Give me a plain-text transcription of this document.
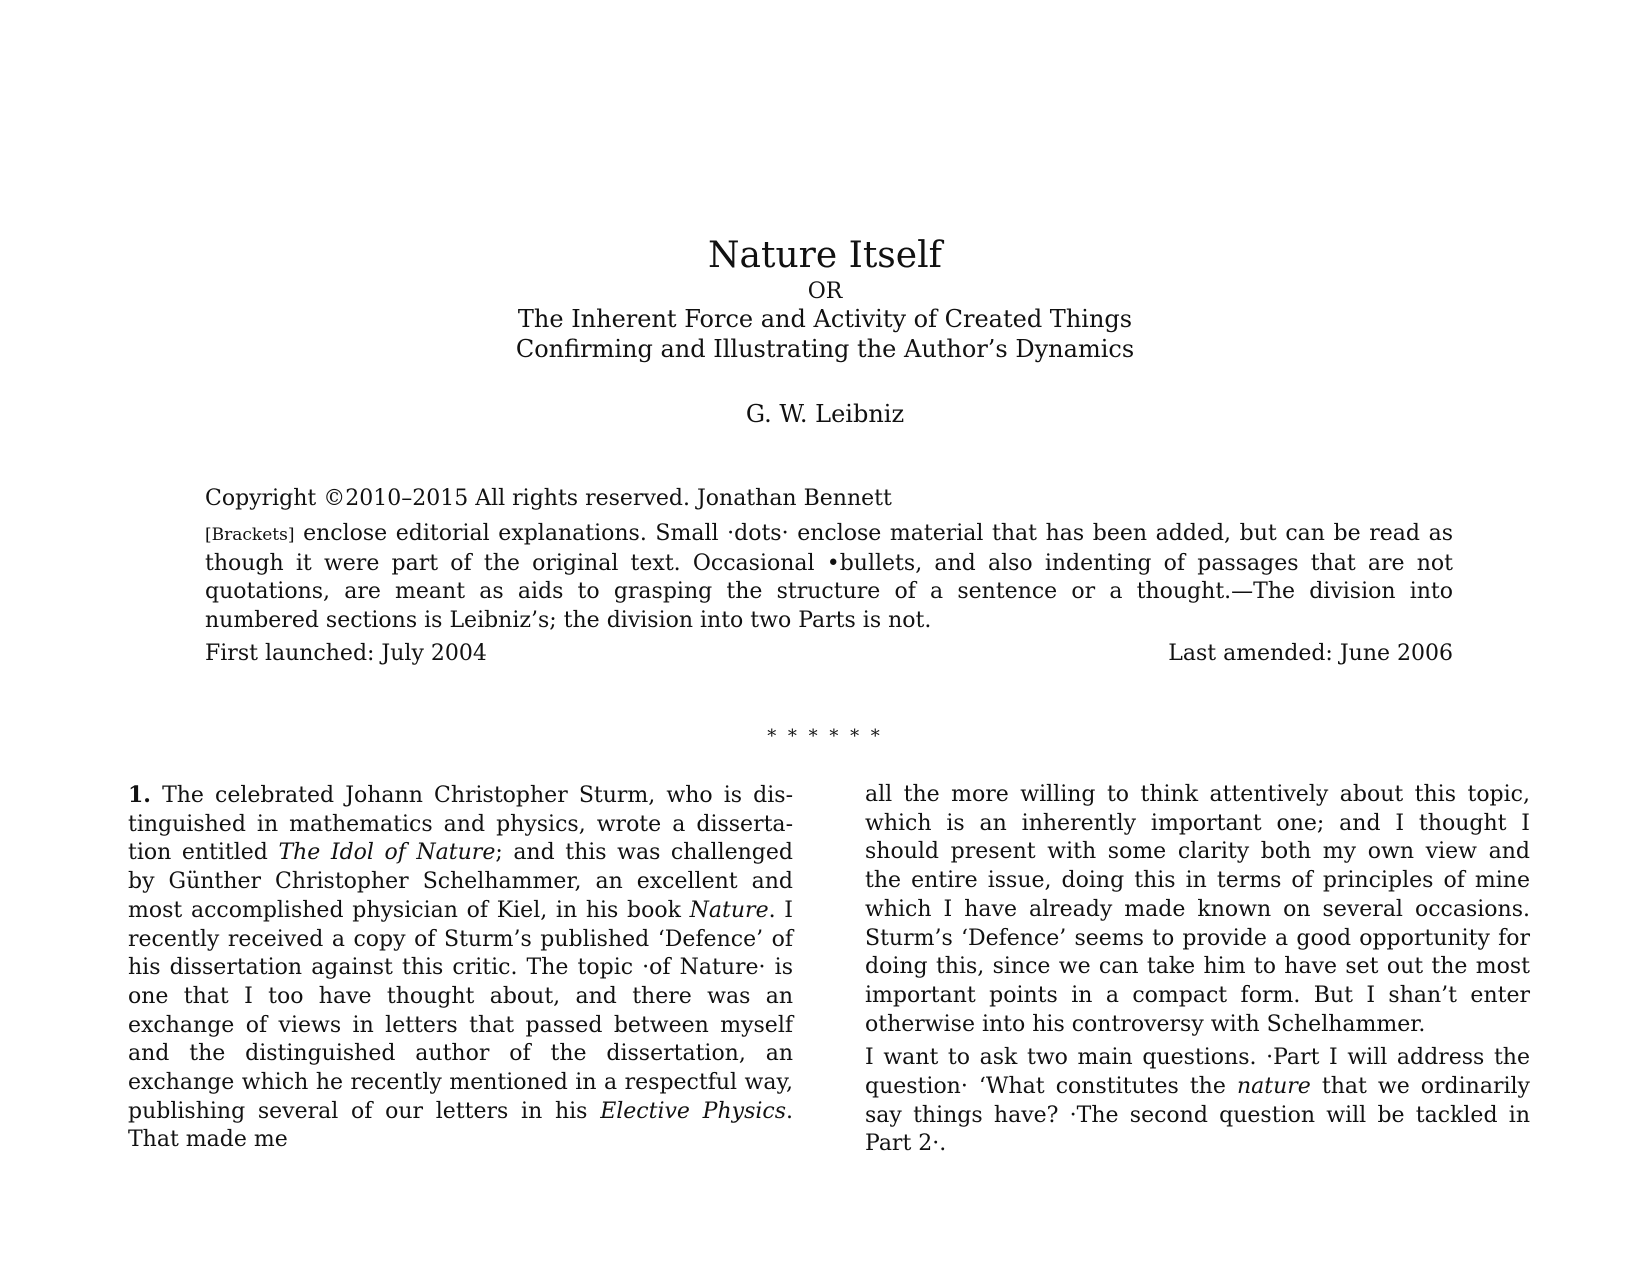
Nature Itself
OR
The Inherent Force and Activity of Created Things
Confirming and Illustrating the Author’s Dynamics
G. W. Leibniz
Copyright ©2010–2015 All rights reserved. Jonathan Bennett
[Brackets] enclose editorial explanations. Small ·dots· enclose material that has been added, but can be read as though it were part of the original text. Occasional •bullets, and also indenting of passages that are not quotations, are meant as aids to grasping the structure of a sentence or a thought.—The division into numbered sections is Leibniz’s; the division into two Parts is not.
First launched: July 2004	Last amended: June 2006
* * * * * *

1. The celebrated Johann Christopher Sturm, who is distinguished in mathematics and physics, wrote a dissertation entitled The Idol of Nature; and this was challenged by Günther Christopher Schelhammer, an excellent and most accomplished physician of Kiel, in his book Nature. I recently received a copy of Sturm’s published ‘Defence’ of his dissertation against this critic. The topic ·of Nature· is one that I too have thought about, and there was an exchange of views in letters that passed between myself and the distinguished author of the dissertation, an exchange which he recently mentioned in a respectful way, publishing several of our letters in his Elective Physics. That made me

all the more willing to think attentively about this topic, which is an inherently important one; and I thought I should present with some clarity both my own view and the entire issue, doing this in terms of principles of mine which I have already made known on several occasions. Sturm’s ‘Defence’ seems to provide a good opportunity for doing this, since we can take him to have set out the most important points in a compact form. But I shan’t enter otherwise into his controversy with Schelhammer.

I want to ask two main questions. ·Part I will address the question· ‘What constitutes the nature that we ordinarily say things have? ·The second question will be tackled in Part 2·.
